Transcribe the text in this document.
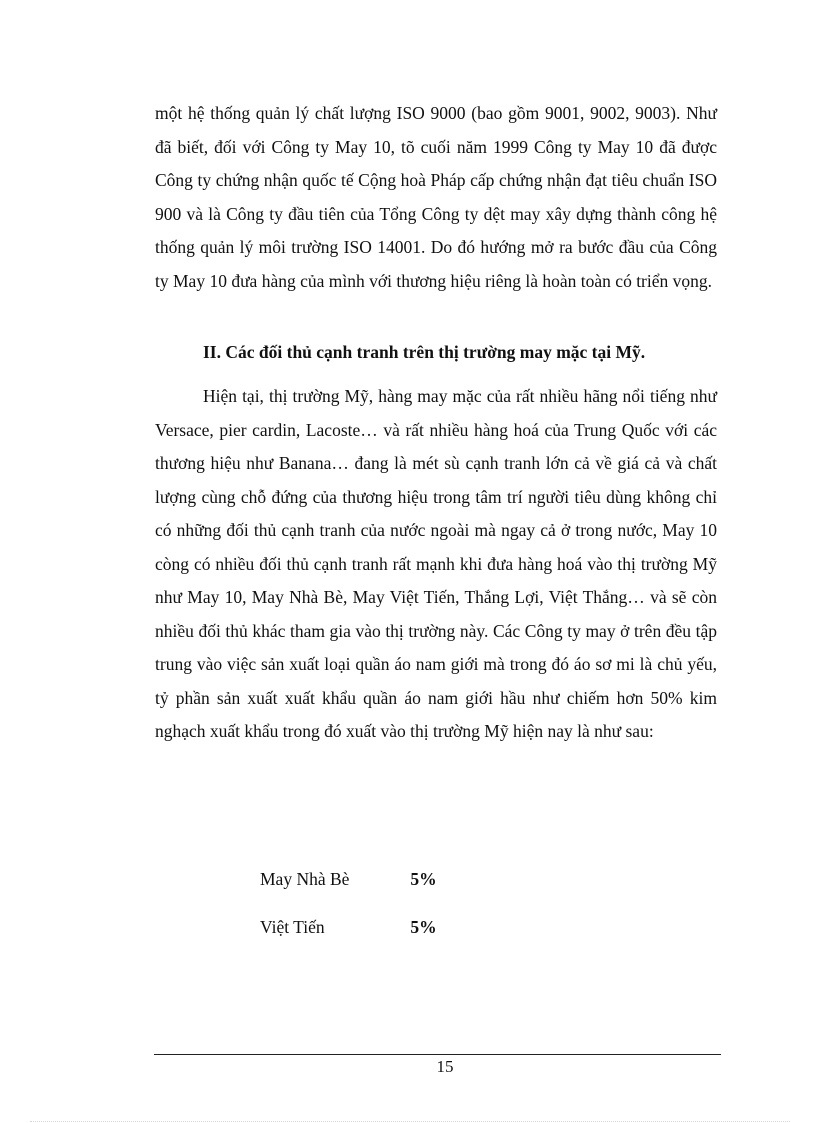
một hệ thống quản lý chất lượng ISO 9000 (bao gồm 9001, 9002, 9003). Như đã biết, đối với Công ty May 10, tõ cuối năm 1999 Công ty May 10 đã được Công ty chứng nhận quốc tế Cộng hoà Pháp cấp chứng nhận đạt tiêu chuẩn ISO 900 và là Công ty đầu tiên của Tổng Công ty dệt may xây dựng thành công hệ thống quản lý môi trường ISO 14001. Do đó hướng mở ra bước đầu của Công ty May 10 đưa hàng của mình với thương hiệu riêng là hoàn toàn có triển vọng.

II. Các đối thủ cạnh tranh trên thị trường may mặc tại Mỹ.

Hiện tại, thị trường Mỹ, hàng may mặc của rất nhiều hãng nổi tiếng như Versace, pier cardin, Lacoste… và rất nhiều hàng hoá của Trung Quốc với các thương hiệu như Banana… đang là mét sù cạnh tranh lớn cả về giá cả và chất lượng cùng chỗ đứng của thương hiệu trong tâm trí người tiêu dùng không chỉ có những đối thủ cạnh tranh của nước ngoài mà ngay cả ở trong nước, May 10 còng có nhiều đối thủ cạnh tranh rất mạnh khi đưa hàng hoá vào thị trường Mỹ như May 10, May Nhà Bè, May Việt Tiến, Thắng Lợi, Việt Thắng… và sẽ còn nhiều đối thủ khác tham gia vào thị trường này. Các Công ty may ở trên đều tập trung vào việc sản xuất loại quần áo nam giới mà trong đó áo sơ mi là chủ yếu, tỷ phần sản xuất xuất khẩu quần áo nam giới hầu như chiếm hơn 50% kim nghạch xuất khẩu trong đó xuất vào thị trường Mỹ hiện nay là như sau:

May Nhà Bè	5%
Việt Tiến	5%
15
